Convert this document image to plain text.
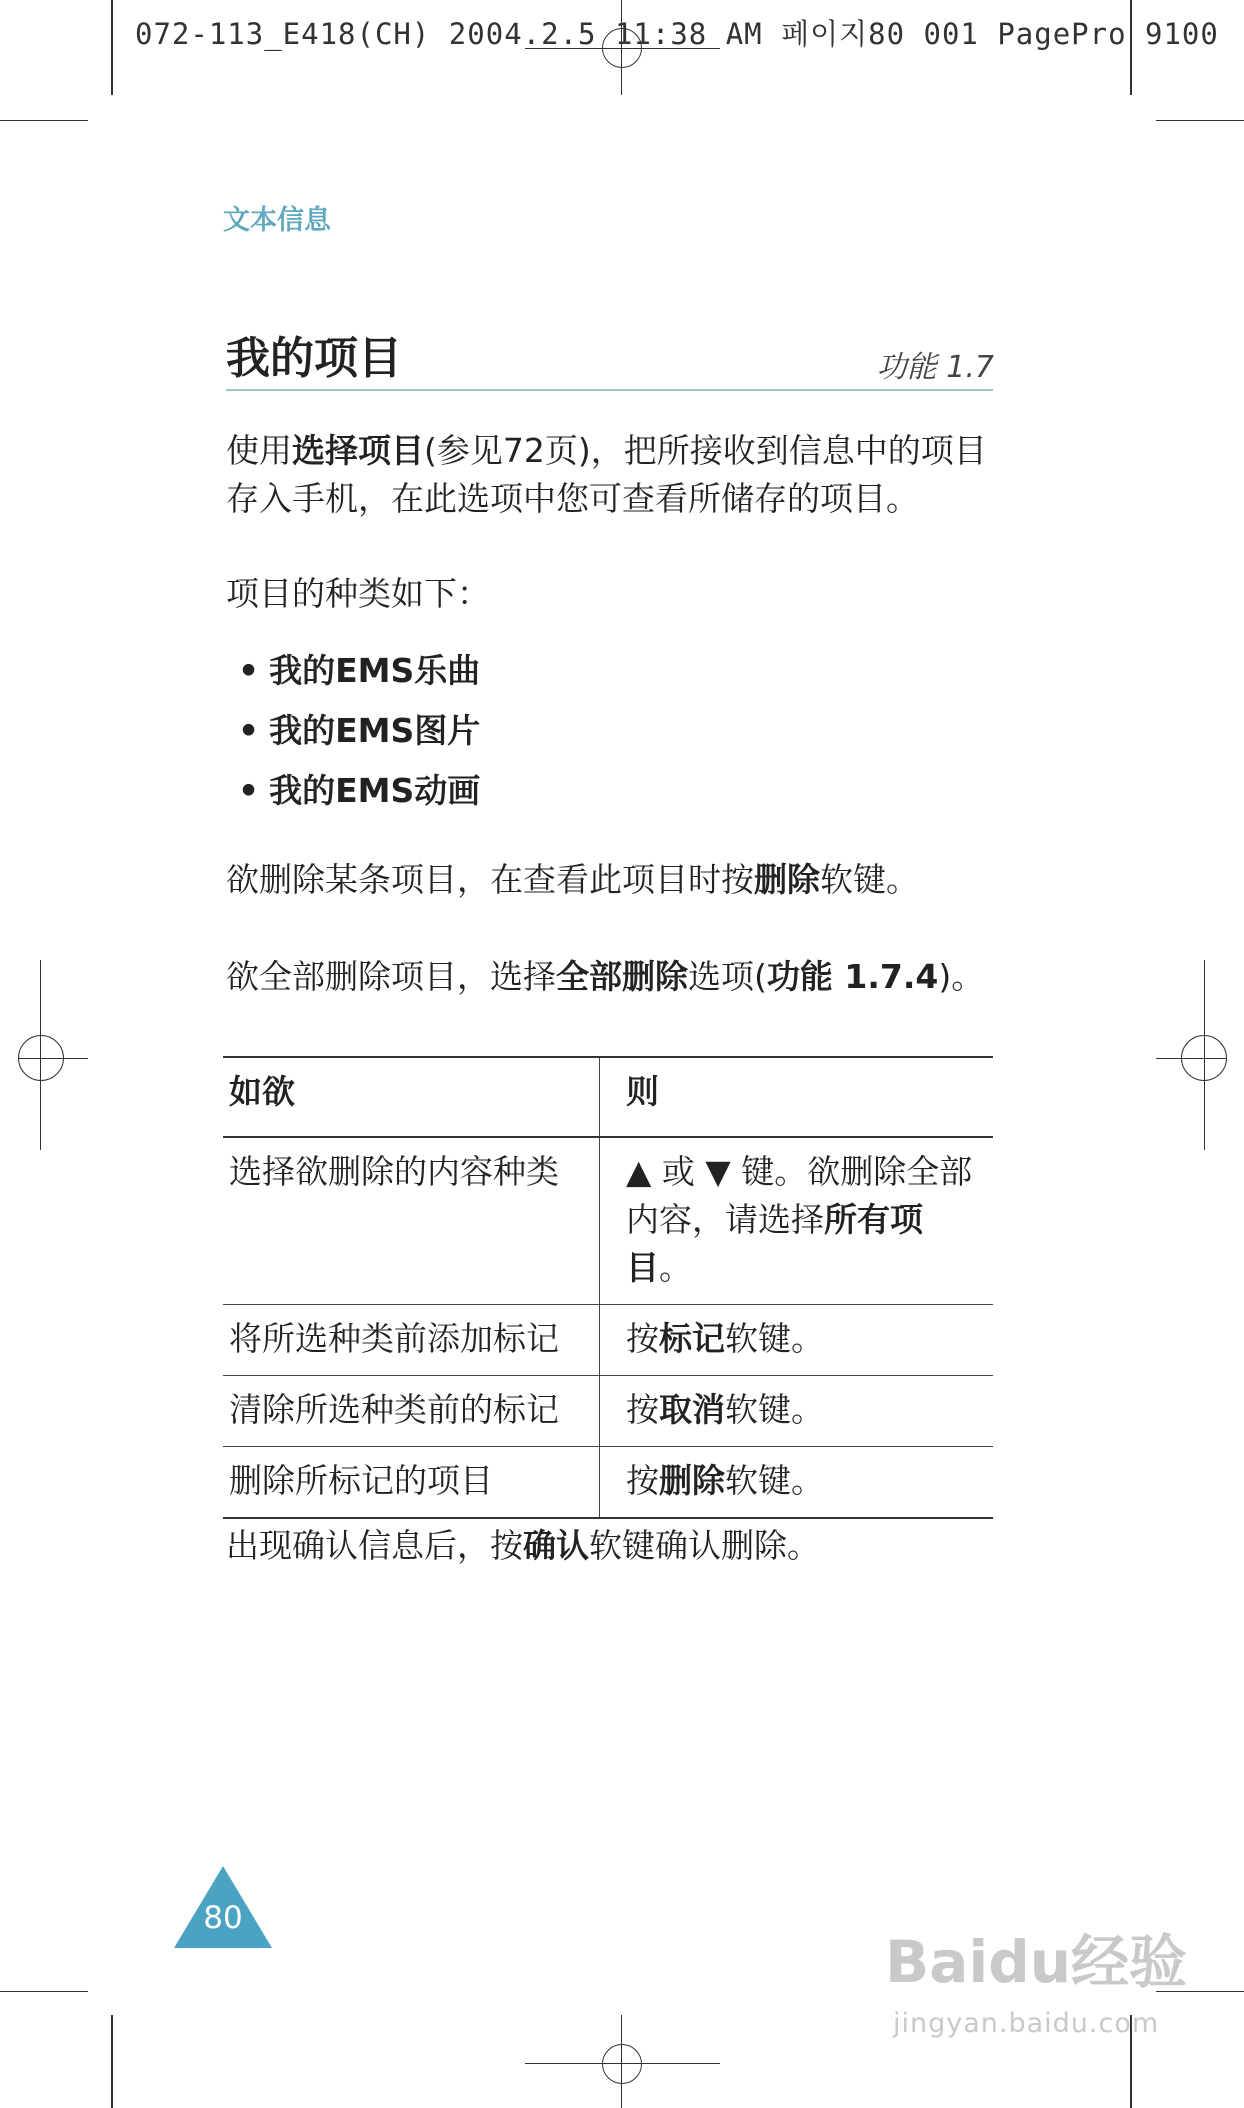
072-113_E418(CH) 2004.2.5 11:38 AM 페이지80 001 PagePro 9100
文本信息
我的项目	功能 1.7
使用选择项目(参见72页)，把所接收到信息中的项目
存入手机，在此选项中您可查看所储存的项目。
项目的种类如下：
• 我的EMS乐曲
• 我的EMS图片
• 我的EMS动画
欲删除某条项目，在查看此项目时按删除软键。
欲全部删除项目，选择全部删除选项(功能 1.7.4)。
如欲	则
选择欲删除的内容种类	▲ 或 ▼ 键。欲删除全部
内容，请选择所有项目。

将所选种类前添加标记	按标记软键。
清除所选种类前的标记	按取消软键。
删除所标记的项目	按删除软键。
出现确认信息后，按确认软键确认删除。
80
Baidu经验
jingyan.baidu.com
